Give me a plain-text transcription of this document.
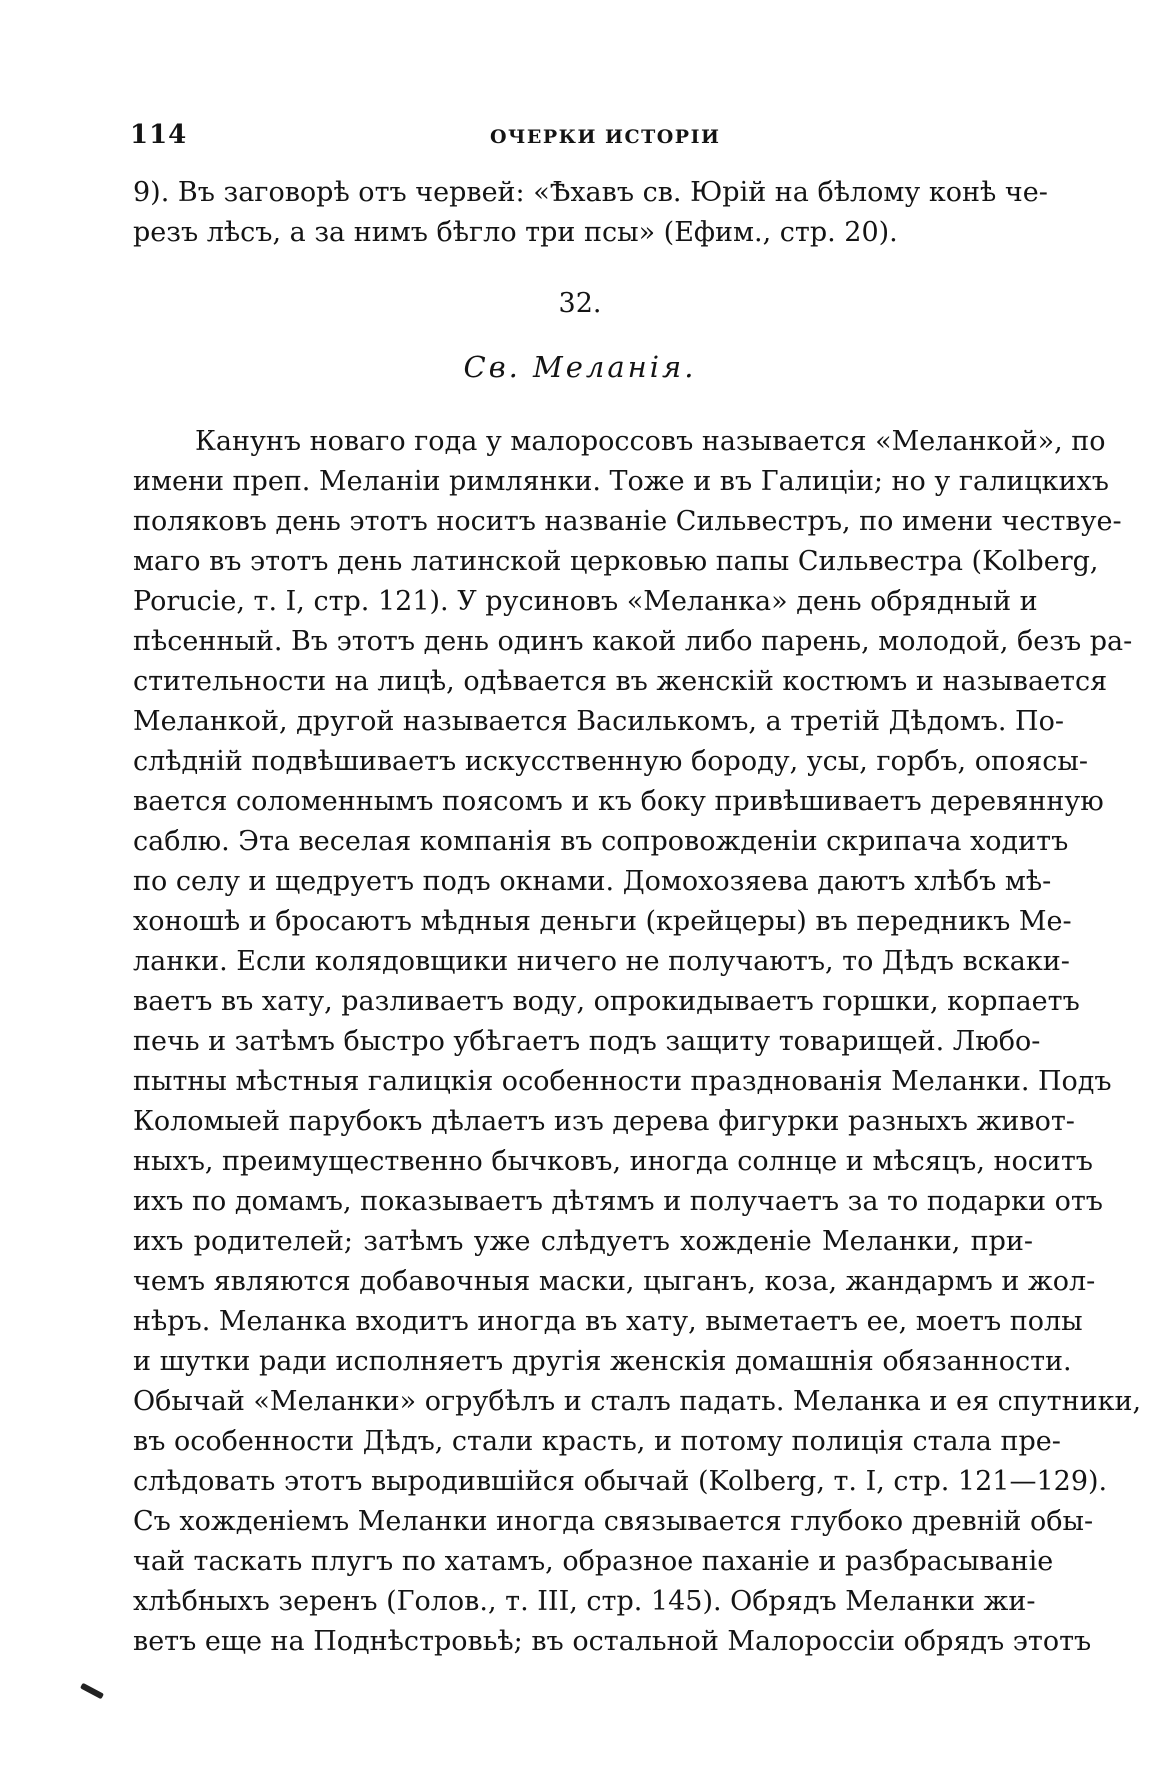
114	ОЧЕРКИ ИСТОРІИ
9). Въ заговорѣ отъ червей: «Ѣхавъ св. Юрій на бѣлому конѣ че-
резъ лѣсъ, а за нимъ бѣгло три псы» (Ефим., стр. 20).
32.
Св. Меланія.
Канунъ новаго года у малороссовъ называется «Меланкой», по
имени преп. Меланіи римлянки. Тоже и въ Галиціи; но у галицкихъ
поляковъ день этотъ носитъ названіе Сильвестръ, по имени чествуе-
маго въ этотъ день латинской церковью папы Сильвестра (Kolberg,
Porucie, т. I, стр. 121). У русиновъ «Меланка» день обрядный и
пѣсенный. Въ этотъ день одинъ какой либо парень, молодой, безъ ра-
стительности на лицѣ, одѣвается въ женскій костюмъ и называется
Меланкой, другой называется Василькомъ, а третій Дѣдомъ. По-
слѣдній подвѣшиваетъ искусственную бороду, усы, горбъ, опоясы-
вается соломеннымъ поясомъ и къ боку привѣшиваетъ деревянную
саблю. Эта веселая компанія въ сопровожденіи скрипача ходитъ
по селу и щедруетъ подъ окнами. Домохозяева даютъ хлѣбъ мѣ-
хоношѣ и бросаютъ мѣдныя деньги (крейцеры) въ передникъ Ме-
ланки. Если колядовщики ничего не получаютъ, то Дѣдъ вскаки-
ваетъ въ хату, разливаетъ воду, опрокидываетъ горшки, корпаетъ
печь и затѣмъ быстро убѣгаетъ подъ защиту товарищей. Любо-
пытны мѣстныя галицкія особенности празднованія Меланки. Подъ
Коломыей парубокъ дѣлаетъ изъ дерева фигурки разныхъ живот-
ныхъ, преимущественно бычковъ, иногда солнце и мѣсяцъ, носитъ
ихъ по домамъ, показываетъ дѣтямъ и получаетъ за то подарки отъ
ихъ родителей; затѣмъ уже слѣдуетъ хожденіе Меланки, при-
чемъ являются добавочныя маски, цыганъ, коза, жандармъ и жол-
нѣръ. Меланка входитъ иногда въ хату, выметаетъ ее, моетъ полы
и шутки ради исполняетъ другія женскія домашнія обязанности.
Обычай «Меланки» огрубѣлъ и сталъ падать. Меланка и ея спутники,
въ особенности Дѣдъ, стали красть, и потому полиція стала пре-
слѣдовать этотъ выродившійся обычай (Kolberg, т. I, стр. 121—129).
Съ хожденіемъ Меланки иногда связывается глубоко древній обы-
чай таскать плугъ по хатамъ, образное паханіе и разбрасываніе
хлѣбныхъ зеренъ (Голов., т. III, стр. 145). Обрядъ Меланки жи-
ветъ еще на Поднѣстровьѣ; въ остальной Малороссіи обрядъ этотъ
